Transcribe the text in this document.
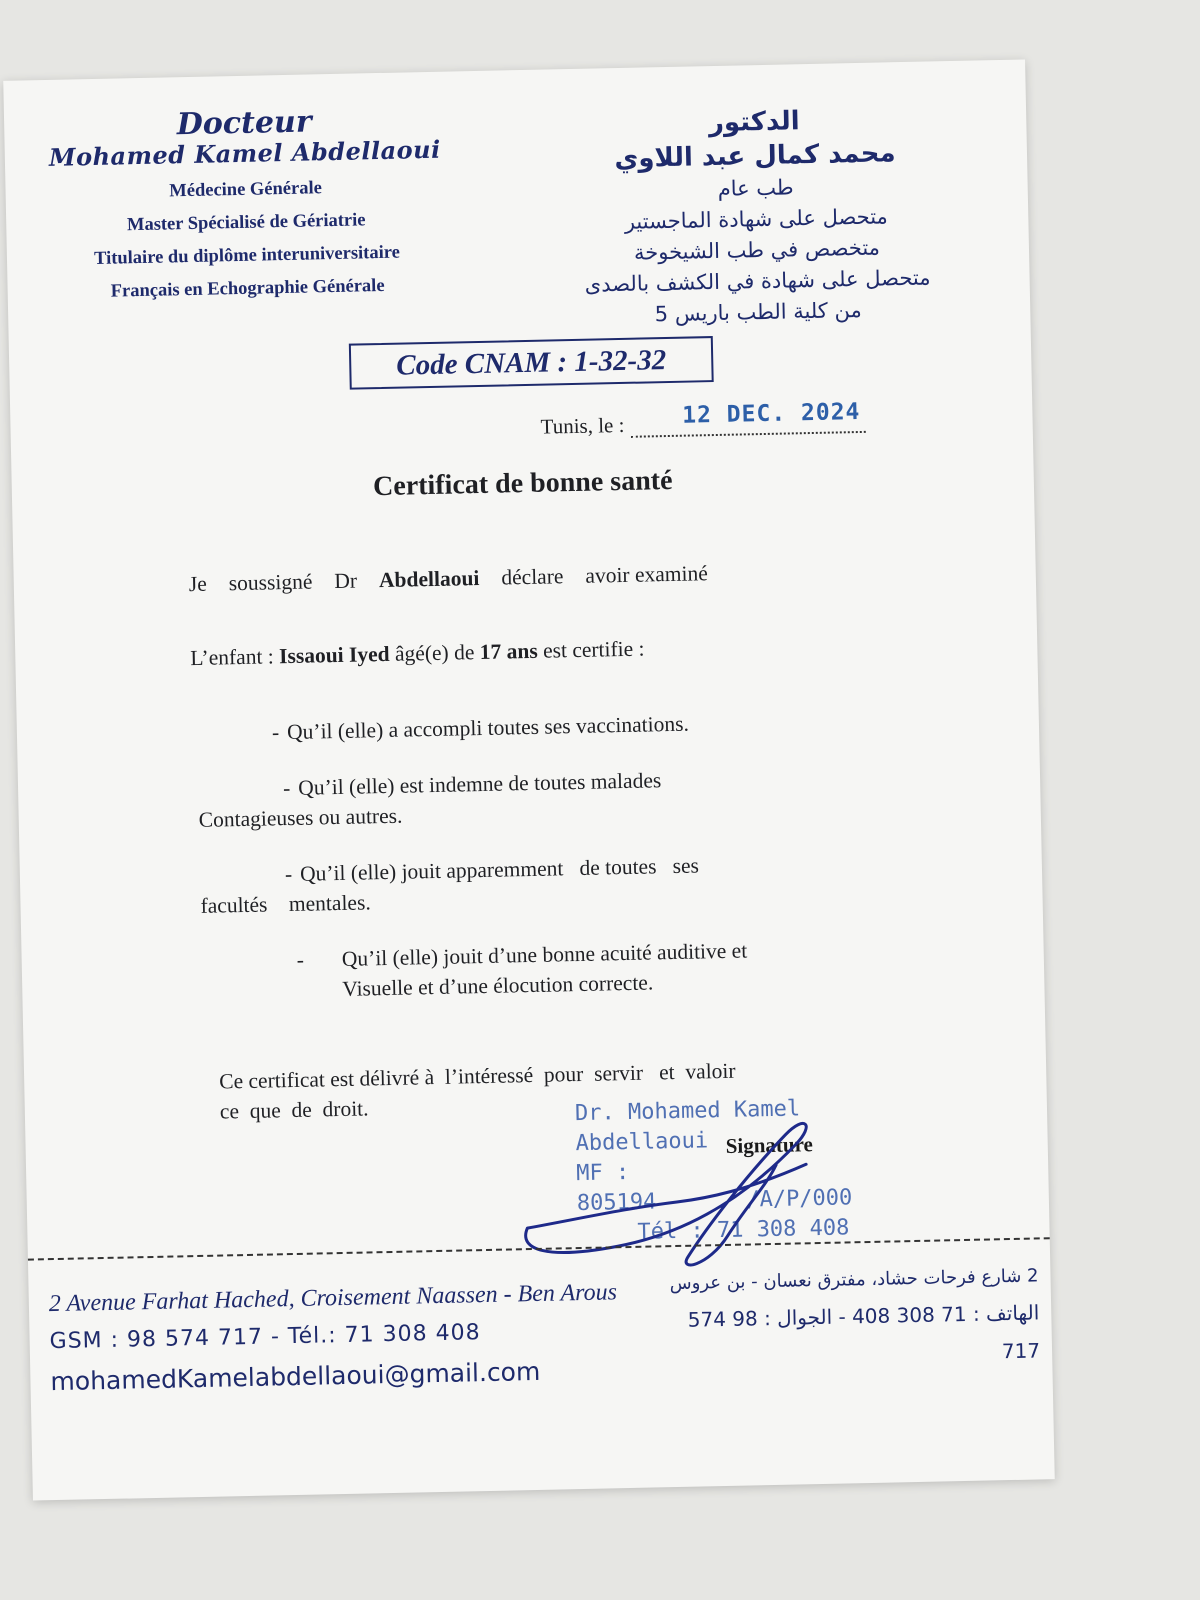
Docteur
Mohamed Kamel Abdellaoui
Médecine Générale
Master Spécialisé de Gériatrie
Titulaire du diplôme interuniversitaire
Français en Echographie Générale
الدكتور
محمد كمال عبد اللاوي
طب عام
متحصل على شهادة الماجستير
متخصص في طب الشيخوخة
متحصل على شهادة في الكشف بالصدى
من كلية الطب باريس 5
Code CNAM : 1-32-32
Tunis, le : 12 DEC. 2024
Certificat de bonne santé
Je soussigné Dr Abdellaoui déclare avoir examiné
L’enfant : Issaoui Iyed âgé(e) de 17 ans est certifie :
- Qu’il (elle) a accompli toutes ses vaccinations.
- Qu’il (elle) est indemne de toutes malades
Contagieuses ou autres.
- Qu’il (elle) jouit apparemment   de toutes   ses
facultés    mentales.
- Qu’il (elle) jouit d’une bonne acuité auditive et
Visuelle et d’une élocution correcte.
Ce certificat est délivré à  l’intéressé  pour  servir   et  valoir
ce  que  de  droit.	Dr. Mohamed Kamel Abdellaoui
MF : 805194	/A/P/000
Tél : 71 308 408
Signature
2 Avenue Farhat Hached, Croisement Naassen - Ben Arous
GSM : 98 574 717 - Tél.: 71 308 408
mohamedKamelabdellaoui@gmail.com
2 شارع فرحات حشاد، مفترق نعسان - بن عروس
الهاتف : 71 308 408 - الجوال : 98 574 717
